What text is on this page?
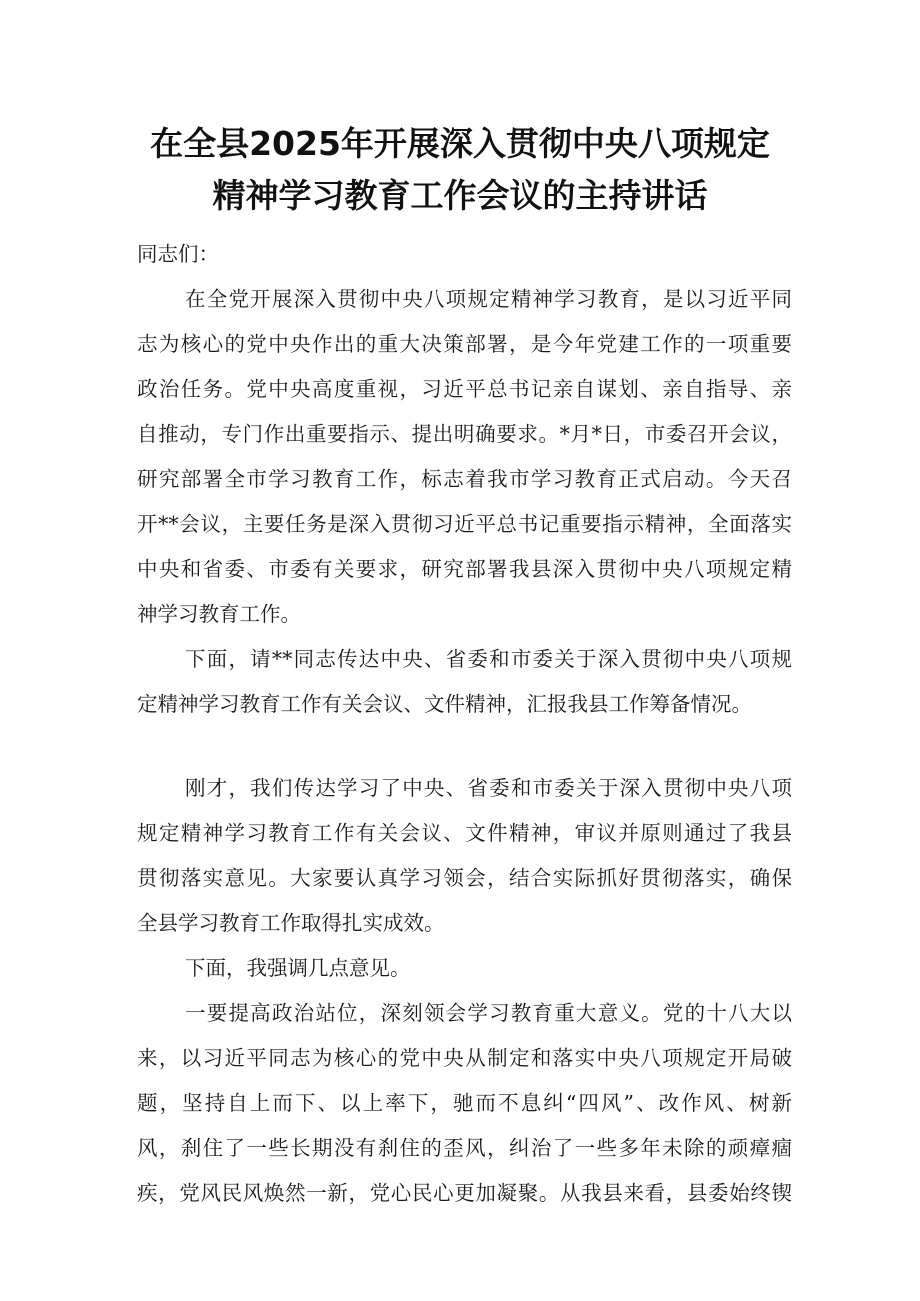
在全县2025年开展深入贯彻中央八项规定
精神学习教育工作会议的主持讲话
同志们：
在全党开展深入贯彻中央八项规定精神学习教育，是以习近平同
志为核心的党中央作出的重大决策部署，是今年党建工作的一项重要
政治任务。党中央高度重视，习近平总书记亲自谋划、亲自指导、亲
自推动，专门作出重要指示、提出明确要求。*月*日，市委召开会议，
研究部署全市学习教育工作，标志着我市学习教育正式启动。今天召
开**会议，主要任务是深入贯彻习近平总书记重要指示精神，全面落实
中央和省委、市委有关要求，研究部署我县深入贯彻中央八项规定精
神学习教育工作。
下面，请**同志传达中央、省委和市委关于深入贯彻中央八项规
定精神学习教育工作有关会议、文件精神，汇报我县工作筹备情况。
刚才，我们传达学习了中央、省委和市委关于深入贯彻中央八项
规定精神学习教育工作有关会议、文件精神，审议并原则通过了我县
贯彻落实意见。大家要认真学习领会，结合实际抓好贯彻落实，确保
全县学习教育工作取得扎实成效。
下面，我强调几点意见。
一要提高政治站位，深刻领会学习教育重大意义。党的十八大以
来，以习近平同志为核心的党中央从制定和落实中央八项规定开局破
题，坚持自上而下、以上率下，驰而不息纠“四风”、改作风、树新
风，刹住了一些长期没有刹住的歪风，纠治了一些多年未除的顽瘴痼
疾，党风民风焕然一新，党心民心更加凝聚。从我县来看，县委始终锲
